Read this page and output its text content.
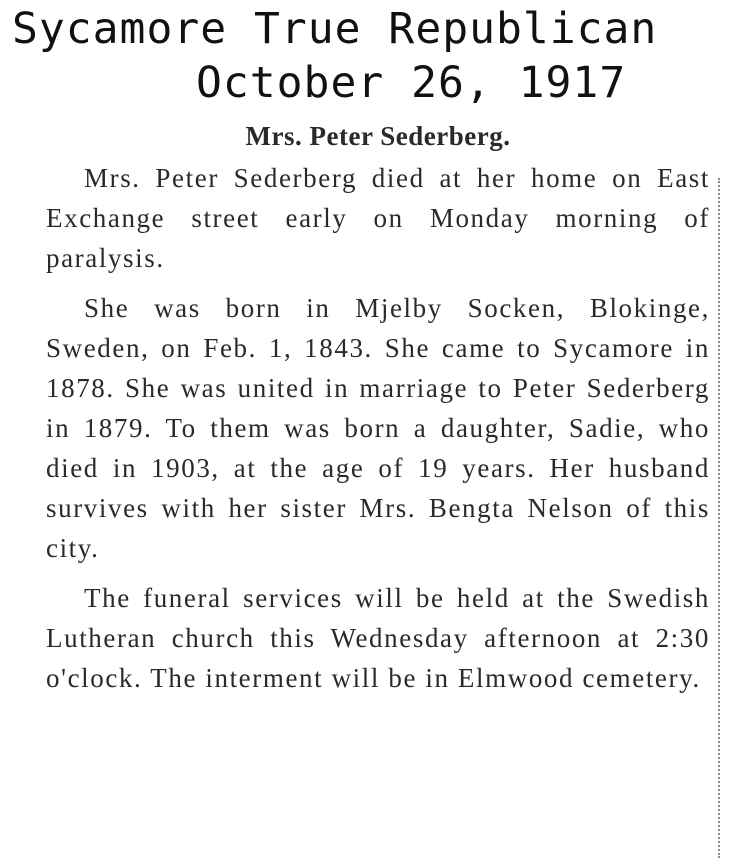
Sycamore True Republican
October 26, 1917
Mrs. Peter Sederberg.

Mrs. Peter Sederberg died at her home on East Exchange street early on Monday morning of paralysis.

She was born in Mjelby Socken, Blokinge, Sweden, on Feb. 1, 1843. She came to Sycamore in 1878. She was united in marriage to Peter Sederberg in 1879. To them was born a daughter, Sadie, who died in 1903, at the age of 19 years. Her husband survives with her sister Mrs. Bengta Nelson of this city.

The funeral services will be held at the Swedish Lutheran church this Wednesday afternoon at 2:30 o'clock. The interment will be in Elmwood cemetery.
